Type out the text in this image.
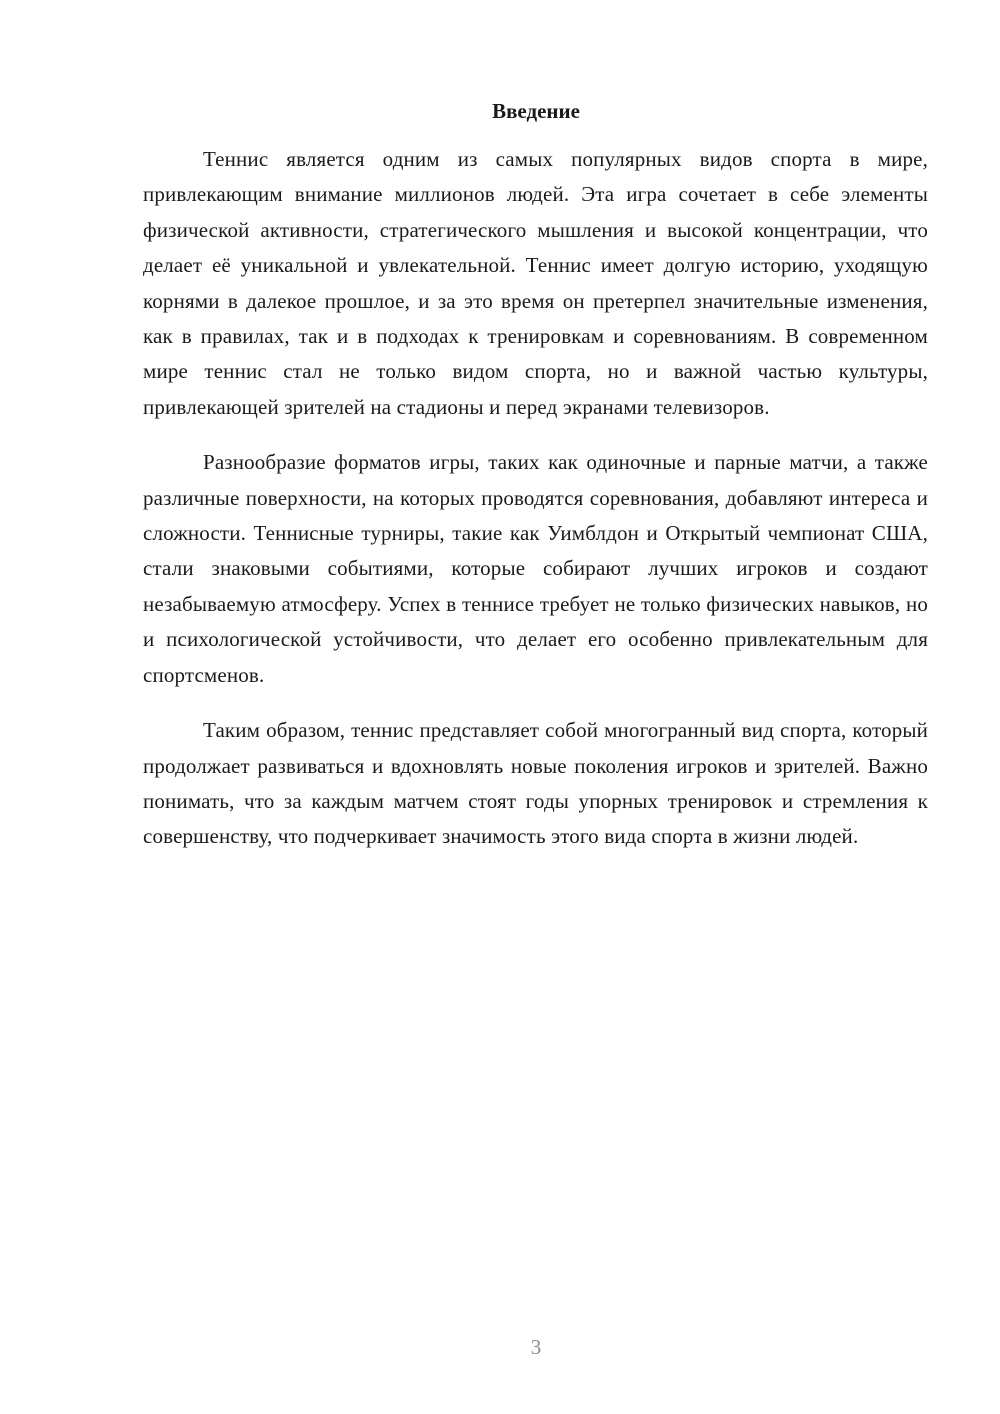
Введение

Теннис является одним из самых популярных видов спорта в мире, привлекающим внимание миллионов людей. Эта игра сочетает в себе элементы физической активности, стратегического мышления и высокой концентрации, что делает её уникальной и увлекательной. Теннис имеет долгую историю, уходящую корнями в далекое прошлое, и за это время он претерпел значительные изменения, как в правилах, так и в подходах к тренировкам и соревнованиям. В современном мире теннис стал не только видом спорта, но и важной частью культуры, привлекающей зрителей на стадионы и перед экранами телевизоров.

Разнообразие форматов игры, таких как одиночные и парные матчи, а также различные поверхности, на которых проводятся соревнования, добавляют интереса и сложности. Теннисные турниры, такие как Уимблдон и Открытый чемпионат США, стали знаковыми событиями, которые собирают лучших игроков и создают незабываемую атмосферу. Успех в теннисе требует не только физических навыков, но и психологической устойчивости, что делает его особенно привлекательным для спортсменов.

Таким образом, теннис представляет собой многогранный вид спорта, который продолжает развиваться и вдохновлять новые поколения игроков и зрителей. Важно понимать, что за каждым матчем стоят годы упорных тренировок и стремления к совершенству, что подчеркивает значимость этого вида спорта в жизни людей.

3
